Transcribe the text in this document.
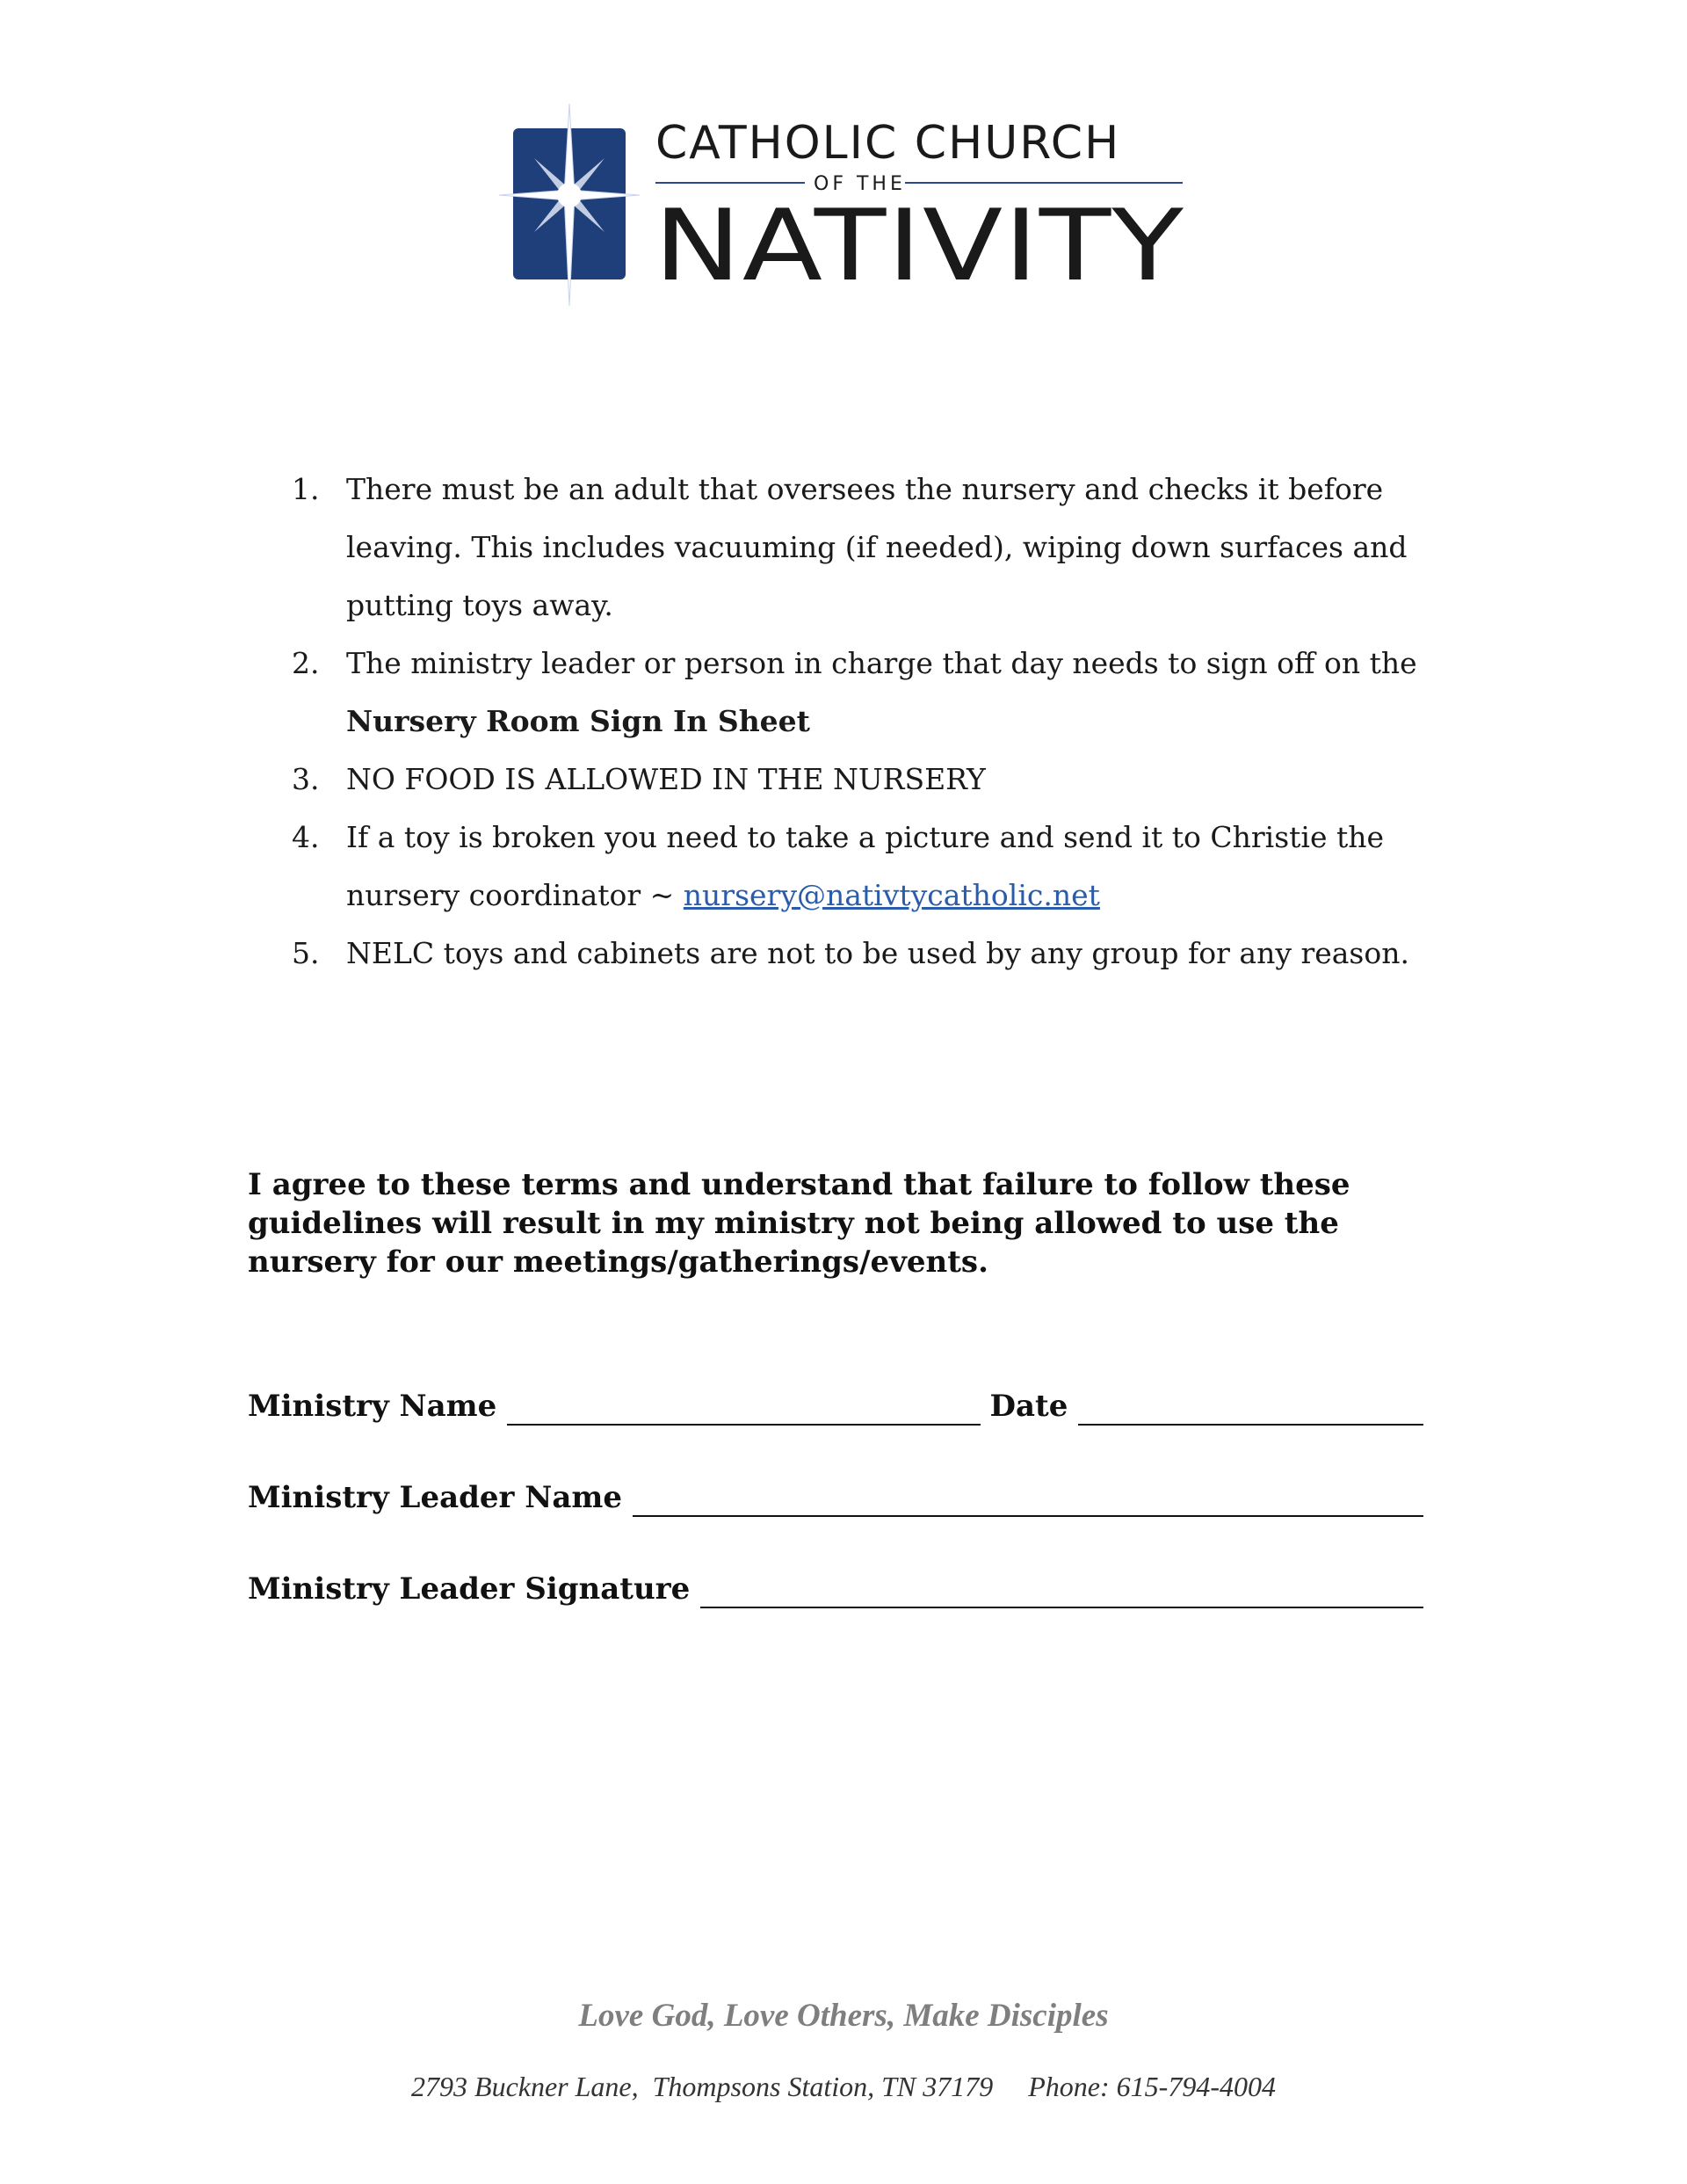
CATHOLIC CHURCH
OF THE
NATIVITY
1. There must be an adult that oversees the nursery and checks it before leaving. This includes vacuuming (if needed), wiping down surfaces and putting toys away.
2. The ministry leader or person in charge that day needs to sign off on the
Nursery Room Sign In Sheet
3. NO FOOD IS ALLOWED IN THE NURSERY
4. If a toy is broken you need to take a picture and send it to Christie the nursery coordinator ~ nursery@nativtycatholic.net
5. NELC toys and cabinets are not to be used by any group for any reason.

I agree to these terms and understand that failure to follow these guidelines will result in my ministry not being allowed to use the nursery for our meetings/gatherings/events.

Ministry Name	Date
Ministry Leader Name
Ministry Leader Signature
Love God, Love Others, Make Disciples
2793 Buckner Lane,  Thompsons Station, TN 37179     Phone: 615-794-4004
